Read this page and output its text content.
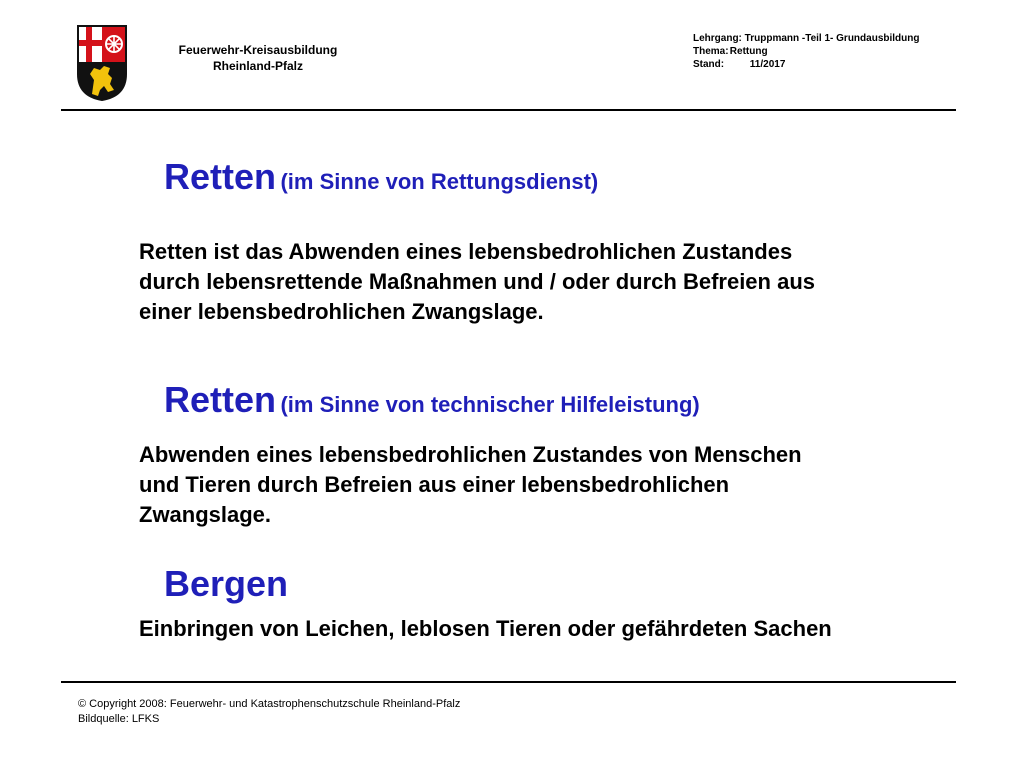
Feuerwehr-Kreisausbildung
Rheinland-Pfalz
Lehrgang: Truppmann -Teil 1- Grundausbildung
Thema: Rettung
Stand:	11/2017
Retten (im Sinne von Rettungsdienst)
Retten ist das Abwenden eines lebensbedrohlichen Zustandes
durch lebensrettende Maßnahmen und / oder durch Befreien aus
einer lebensbedrohlichen Zwangslage.
Retten (im Sinne von technischer Hilfeleistung)
Abwenden eines lebensbedrohlichen Zustandes von Menschen
und Tieren durch Befreien aus einer lebensbedrohlichen
Zwangslage.
Bergen
Einbringen von Leichen, leblosen Tieren oder gefährdeten Sachen
© Copyright 2008: Feuerwehr- und Katastrophenschutzschule Rheinland-Pfalz
Bildquelle: LFKS
